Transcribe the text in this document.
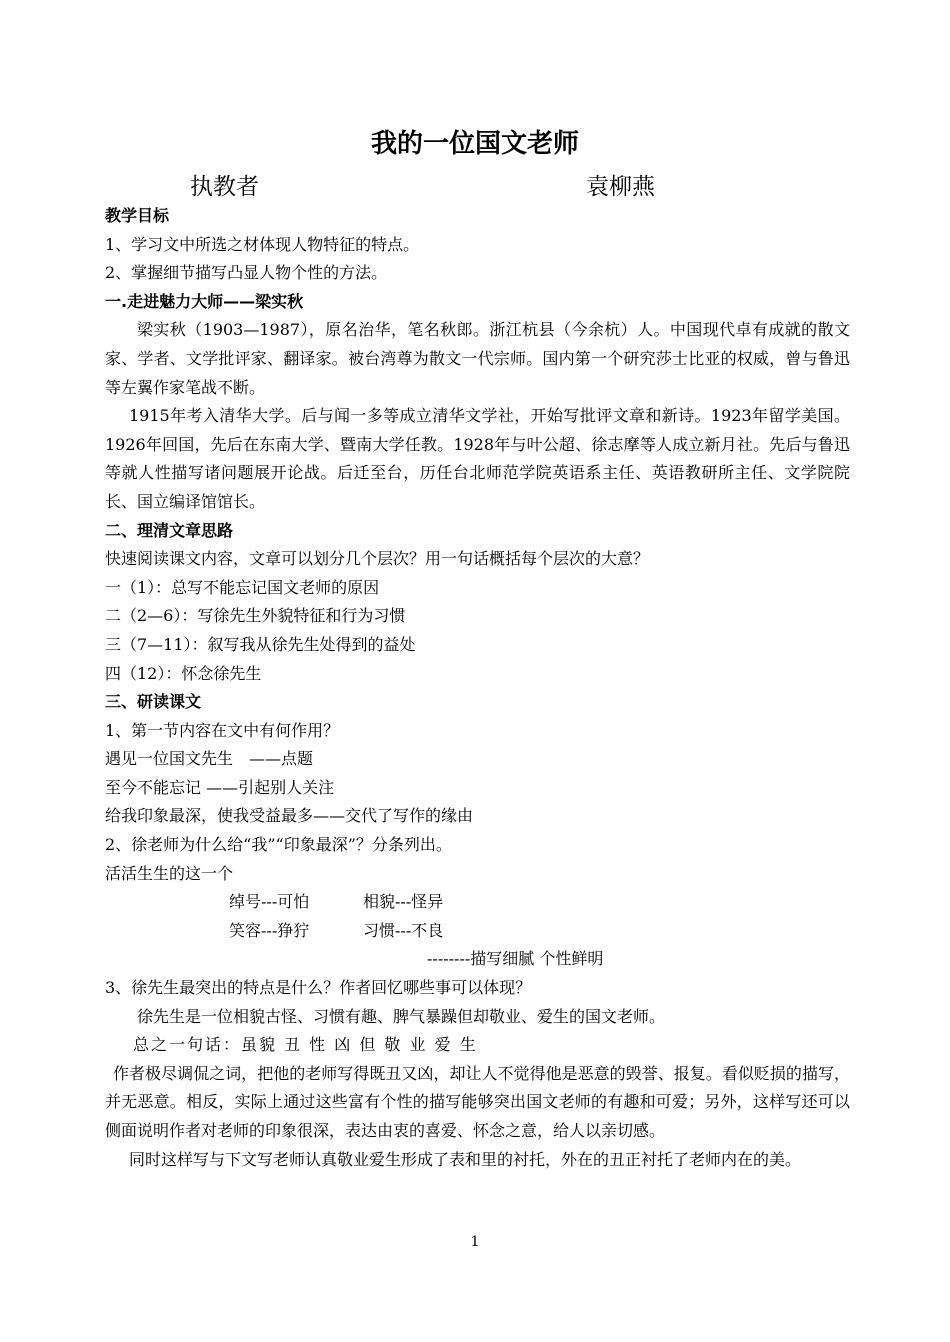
我的一位国文老师
执教者	袁柳燕

教学目标

1、学习文中所选之材体现人物特征的特点。

2、掌握细节描写凸显人物个性的方法。

一.走进魅力大师——梁实秋

梁实秋（1903—1987），原名治华，笔名秋郎。浙江杭县（今余杭）人。中国现代卓有成就的散文家、学者、文学批评家、翻译家。被台湾尊为散文一代宗师。国内第一个研究莎士比亚的权威，曾与鲁迅等左翼作家笔战不断。

1915年考入清华大学。后与闻一多等成立清华文学社，开始写批评文章和新诗。1923年留学美国。1926年回国，先后在东南大学、暨南大学任教。1928年与叶公超、徐志摩等人成立新月社。先后与鲁迅等就人性描写诸问题展开论战。后迁至台，历任台北师范学院英语系主任、英语教研所主任、文学院院长、国立编译馆馆长。

二、理清文章思路

快速阅读课文内容，文章可以划分几个层次？用一句话概括每个层次的大意？

一（1）：总写不能忘记国文老师的原因

二（2—6）：写徐先生外貌特征和行为习惯

三（7—11）：叙写我从徐先生处得到的益处

四（12）：怀念徐先生

三、研读课文

1、第一节内容在文中有何作用？

遇见一位国文先生　——点题

至今不能忘记 ——引起别人关注

给我印象最深，使我受益最多——交代了写作的缘由

2、徐老师为什么给“我”“印象最深”？分条列出。

活活生生的这一个

绰号---可怕	相貌---怪异

笑容---狰狞	习惯---不良

--------描写细腻 个性鲜明

3、徐先生最突出的特点是什么？作者回忆哪些事可以体现？

徐先生是一位相貌古怪、习惯有趣、脾气暴躁但却敬业、爱生的国文老师。

总之一句话：虽貌 丑 性 凶 但 敬 业 爱 生

作者极尽调侃之词，把他的老师写得既丑又凶，却让人不觉得他是恶意的毁誉、报复。看似贬损的描写，并无恶意。相反，实际上通过这些富有个性的描写能够突出国文老师的有趣和可爱；另外，这样写还可以侧面说明作者对老师的印象很深，表达由衷的喜爱、怀念之意，给人以亲切感。

同时这样写与下文写老师认真敬业爱生形成了表和里的衬托，外在的丑正衬托了老师内在的美。

1
